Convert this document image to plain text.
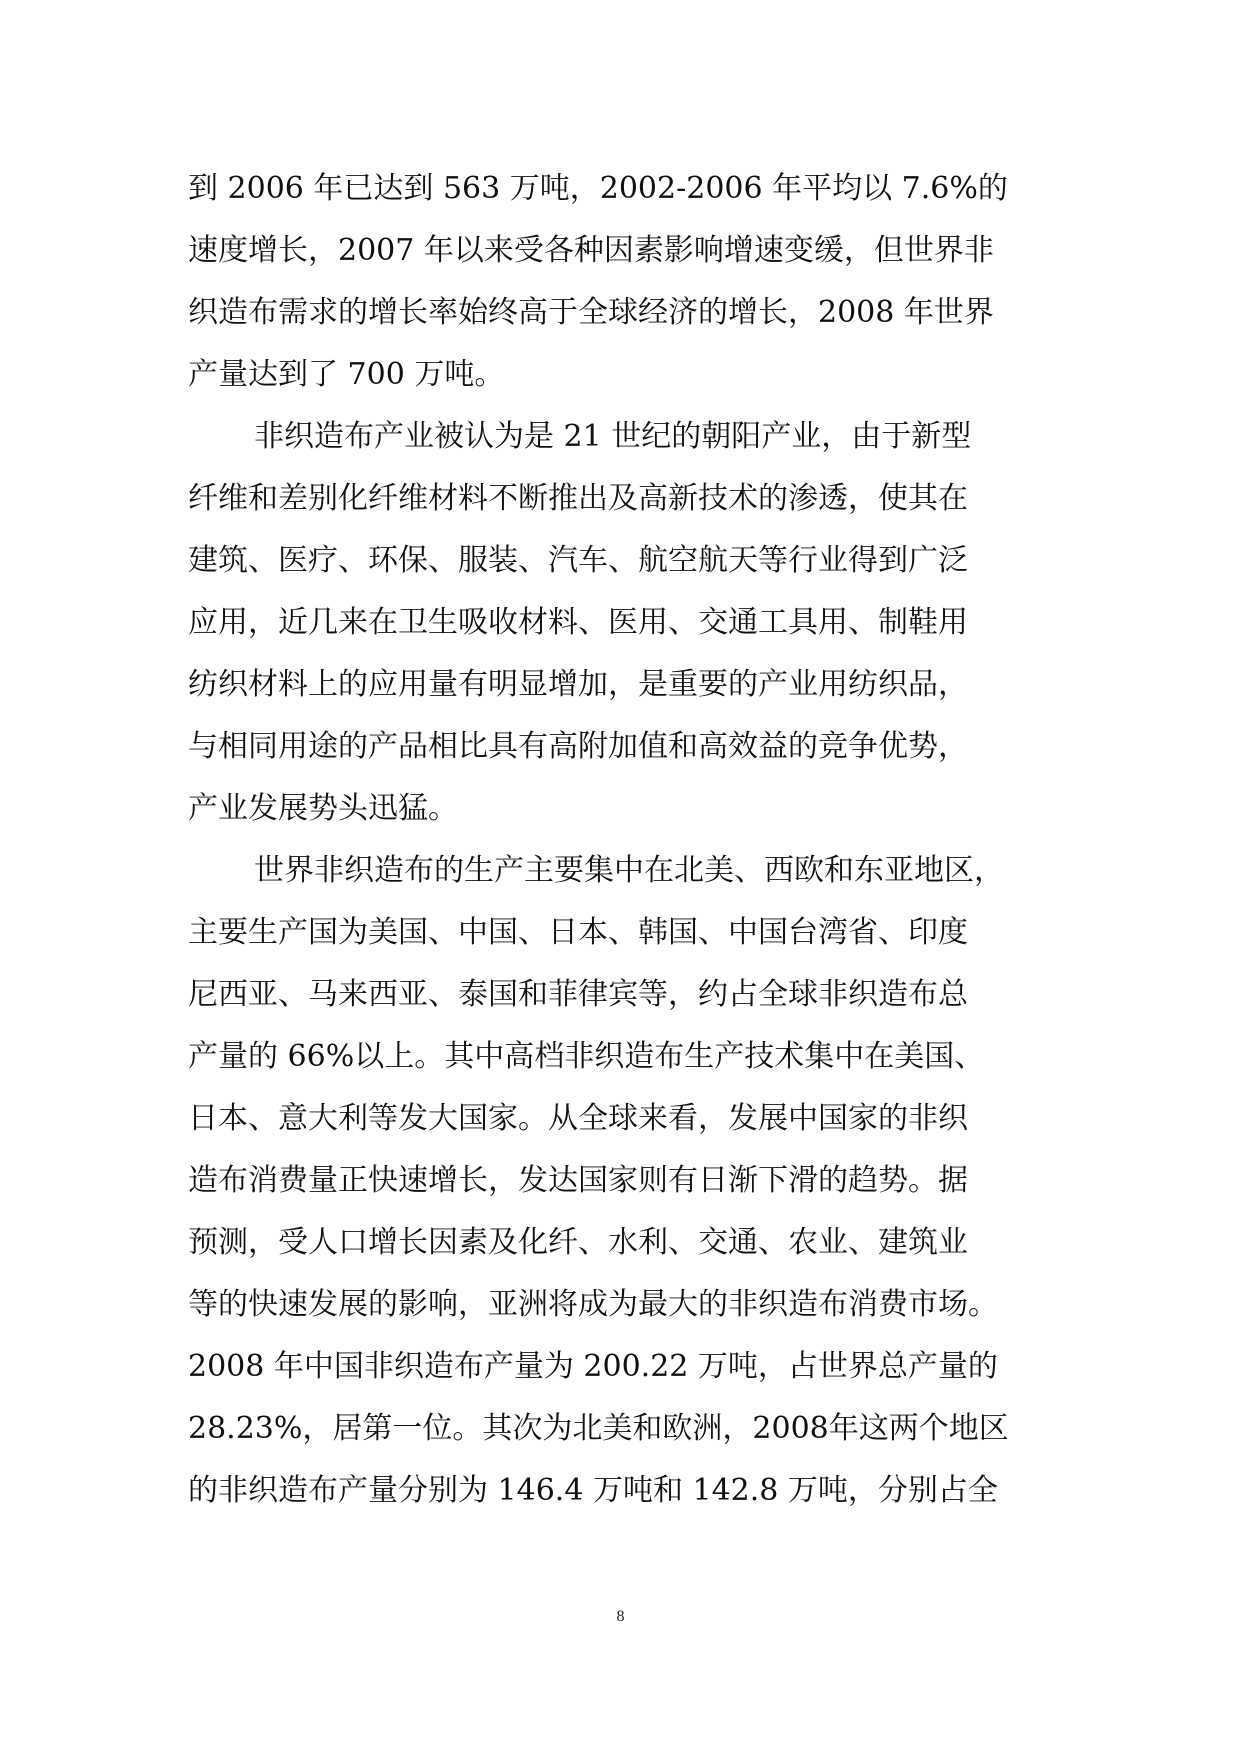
到 2006 年已达到 563 万吨，2002-2006 年平均以 7.6%的
速度增长，2007 年以来受各种因素影响增速变缓，但世界非
织造布需求的增长率始终高于全球经济的增长，2008 年世界
产量达到了 700 万吨。
非织造布产业被认为是 21 世纪的朝阳产业，由于新型
纤维和差别化纤维材料不断推出及高新技术的渗透，使其在
建筑、医疗、环保、服装、汽车、航空航天等行业得到广泛
应用，近几来在卫生吸收材料、医用、交通工具用、制鞋用
纺织材料上的应用量有明显增加，是重要的产业用纺织品，
与相同用途的产品相比具有高附加值和高效益的竞争优势，
产业发展势头迅猛。
世界非织造布的生产主要集中在北美、西欧和东亚地区，
主要生产国为美国、中国、日本、韩国、中国台湾省、印度
尼西亚、马来西亚、泰国和菲律宾等，约占全球非织造布总
产量的 66%以上。其中高档非织造布生产技术集中在美国、
日本、意大利等发大国家。从全球来看，发展中国家的非织
造布消费量正快速增长，发达国家则有日渐下滑的趋势。据
预测，受人口增长因素及化纤、水利、交通、农业、建筑业
等的快速发展的影响，亚洲将成为最大的非织造布消费市场。
2008 年中国非织造布产量为 200.22 万吨，占世界总产量的
28.23%，居第一位。其次为北美和欧洲，2008年这两个地区
的非织造布产量分别为 146.4 万吨和 142.8 万吨，分别占全
8
